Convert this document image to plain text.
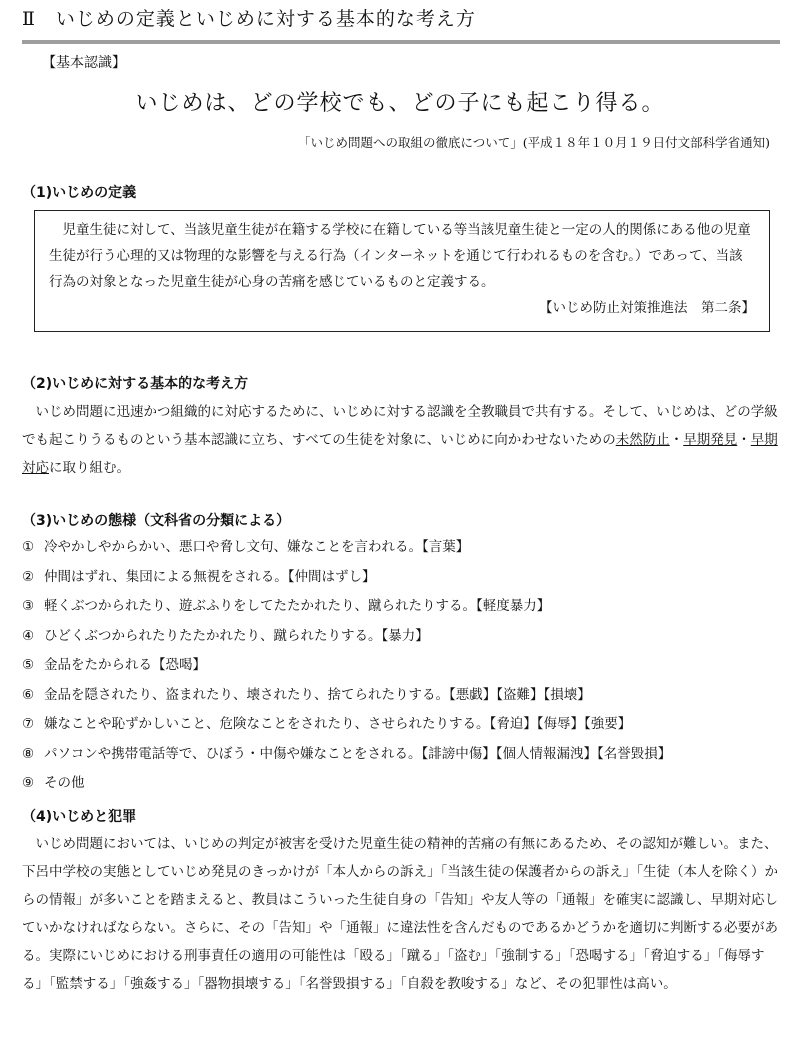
Ⅱ　いじめの定義といじめに対する基本的な考え方
【基本認識】
いじめは、どの学校でも、どの子にも起こり得る。
「いじめ問題への取組の徹底について」(平成１８年１０月１９日付文部科学省通知)
（1)いじめの定義

児童生徒に対して、当該児童生徒が在籍する学校に在籍している等当該児童生徒と一定の人的関係にある他の児童生徒が行う心理的又は物理的な影響を与える行為（インターネットを通じて行われるものを含む。）であって、当該行為の対象となった児童生徒が心身の苦痛を感じているものと定義する。

【いじめ防止対策推進法　第二条】

（2)いじめに対する基本的な考え方

いじめ問題に迅速かつ組織的に対応するために、いじめに対する認識を全教職員で共有する。そして、いじめは、どの学級でも起こりうるものという基本認識に立ち、すべての生徒を対象に、いじめに向かわせないための未然防止・早期発見・早期対応に取り組む。

（3)いじめの態様（文科省の分類による）
① 冷やかしやからかい、悪口や脅し文句、嫌なことを言われる。【言葉】
② 仲間はずれ、集団による無視をされる。【仲間はずし】
③ 軽くぶつかられたり、遊ぶふりをしてたたかれたり、蹴られたりする。【軽度暴力】
④ ひどくぶつかられたりたたかれたり、蹴られたりする。【暴力】
⑤ 金品をたかられる【恐喝】
⑥ 金品を隠されたり、盗まれたり、壊されたり、捨てられたりする。【悪戯】【盗難】【損壊】
⑦ 嫌なことや恥ずかしいこと、危険なことをされたり、させられたりする。【脅迫】【侮辱】【強要】
⑧ パソコンや携帯電話等で、ひぼう・中傷や嫌なことをされる。【誹謗中傷】【個人情報漏洩】【名誉毀損】
⑨ その他
（4)いじめと犯罪

いじめ問題においては、いじめの判定が被害を受けた児童生徒の精神的苦痛の有無にあるため、その認知が難しい。また、下呂中学校の実態としていじめ発見のきっかけが「本人からの訴え」「当該生徒の保護者からの訴え」「生徒（本人を除く）からの情報」が多いことを踏まえると、教員はこういった生徒自身の「告知」や友人等の「通報」を確実に認識し、早期対応していかなければならない。さらに、その「告知」や「通報」に違法性を含んだものであるかどうかを適切に判断する必要がある。実際にいじめにおける刑事責任の適用の可能性は「殴る」「蹴る」「盗む」「強制する」「恐喝する」「脅迫する」「侮辱する」「監禁する」「強姦する」「器物損壊する」「名誉毀損する」「自殺を教唆する」など、その犯罪性は高い。
